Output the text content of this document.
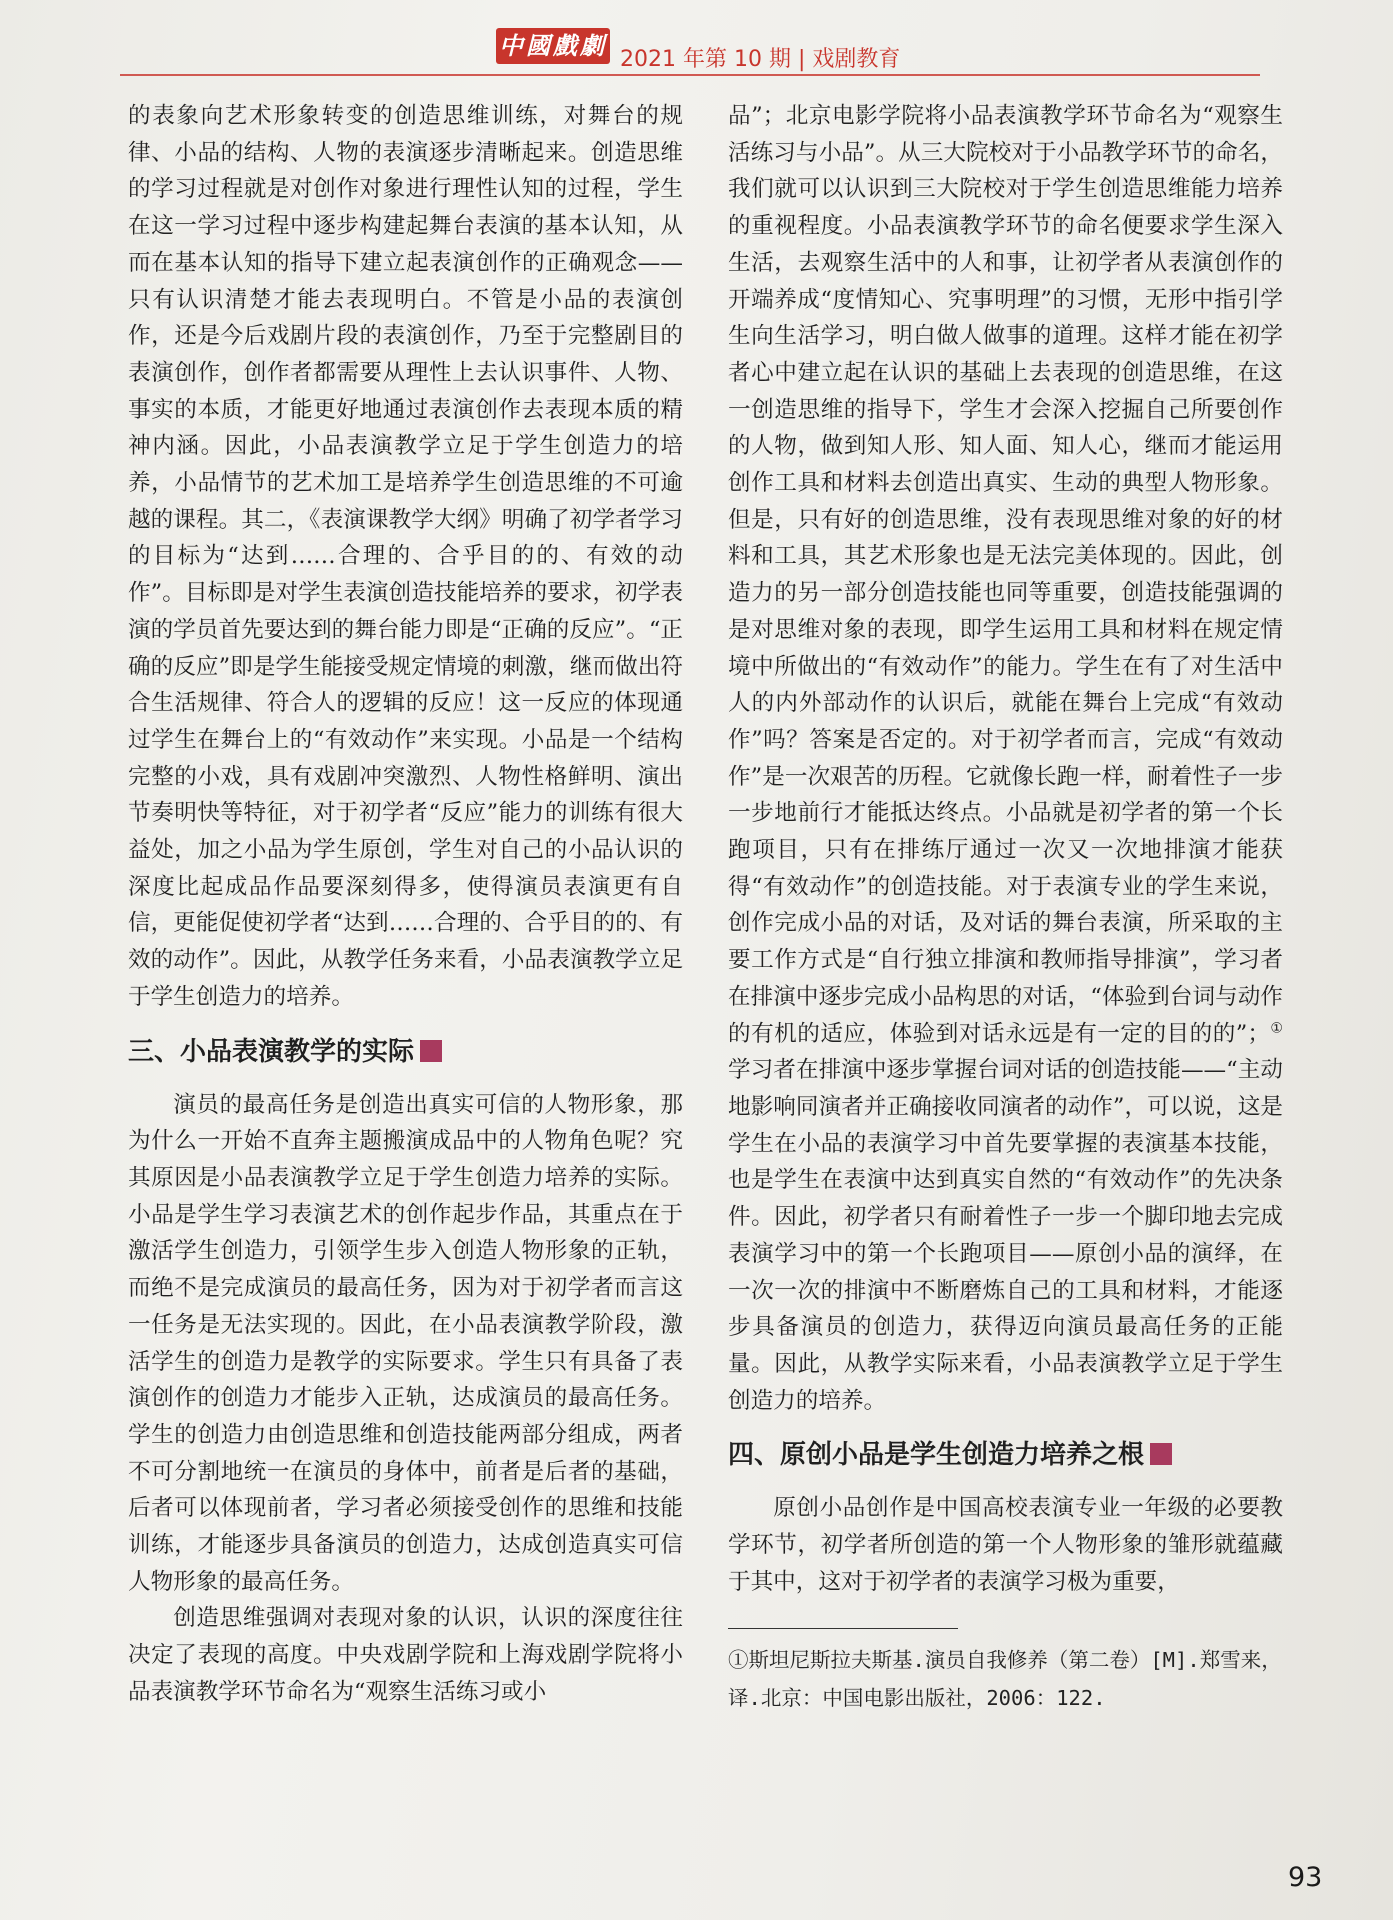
中國戲劇 2021 年第 10 期 | 戏剧教育

的表象向艺术形象转变的创造思维训练，对舞台的规律、小品的结构、人物的表演逐步清晰起来。创造思维的学习过程就是对创作对象进行理性认知的过程，学生在这一学习过程中逐步构建起舞台表演的基本认知，从而在基本认知的指导下建立起表演创作的正确观念——只有认识清楚才能去表现明白。不管是小品的表演创作，还是今后戏剧片段的表演创作，乃至于完整剧目的表演创作，创作者都需要从理性上去认识事件、人物、事实的本质，才能更好地通过表演创作去表现本质的精神内涵。因此，小品表演教学立足于学生创造力的培养，小品情节的艺术加工是培养学生创造思维的不可逾越的课程。其二，《表演课教学大纲》明确了初学者学习的目标为“达到……合理的、合乎目的的、有效的动作”。目标即是对学生表演创造技能培养的要求，初学表演的学员首先要达到的舞台能力即是“正确的反应”。“正确的反应”即是学生能接受规定情境的刺激，继而做出符合生活规律、符合人的逻辑的反应！这一反应的体现通过学生在舞台上的“有效动作”来实现。小品是一个结构完整的小戏，具有戏剧冲突激烈、人物性格鲜明、演出节奏明快等特征，对于初学者“反应”能力的训练有很大益处，加之小品为学生原创，学生对自己的小品认识的深度比起成品作品要深刻得多，使得演员表演更有自信，更能促使初学者“达到……合理的、合乎目的的、有效的动作”。因此，从教学任务来看，小品表演教学立足于学生创造力的培养。

三、小品表演教学的实际

演员的最高任务是创造出真实可信的人物形象，那为什么一开始不直奔主题搬演成品中的人物角色呢？究其原因是小品表演教学立足于学生创造力培养的实际。小品是学生学习表演艺术的创作起步作品，其重点在于激活学生创造力，引领学生步入创造人物形象的正轨，而绝不是完成演员的最高任务，因为对于初学者而言这一任务是无法实现的。因此，在小品表演教学阶段，激活学生的创造力是教学的实际要求。学生只有具备了表演创作的创造力才能步入正轨，达成演员的最高任务。学生的创造力由创造思维和创造技能两部分组成，两者不可分割地统一在演员的身体中，前者是后者的基础，后者可以体现前者，学习者必须接受创作的思维和技能训练，才能逐步具备演员的创造力，达成创造真实可信人物形象的最高任务。

创造思维强调对表现对象的认识，认识的深度往往决定了表现的高度。中央戏剧学院和上海戏剧学院将小品表演教学环节命名为“观察生活练习或小

品”；北京电影学院将小品表演教学环节命名为“观察生活练习与小品”。从三大院校对于小品教学环节的命名，我们就可以认识到三大院校对于学生创造思维能力培养的重视程度。小品表演教学环节的命名便要求学生深入生活，去观察生活中的人和事，让初学者从表演创作的开端养成“度情知心、究事明理”的习惯，无形中指引学生向生活学习，明白做人做事的道理。这样才能在初学者心中建立起在认识的基础上去表现的创造思维，在这一创造思维的指导下，学生才会深入挖掘自己所要创作的人物，做到知人形、知人面、知人心，继而才能运用创作工具和材料去创造出真实、生动的典型人物形象。但是，只有好的创造思维，没有表现思维对象的好的材料和工具，其艺术形象也是无法完美体现的。因此，创造力的另一部分创造技能也同等重要，创造技能强调的是对思维对象的表现，即学生运用工具和材料在规定情境中所做出的“有效动作”的能力。学生在有了对生活中人的内外部动作的认识后，就能在舞台上完成“有效动作”吗？答案是否定的。对于初学者而言，完成“有效动作”是一次艰苦的历程。它就像长跑一样，耐着性子一步一步地前行才能抵达终点。小品就是初学者的第一个长跑项目，只有在排练厅通过一次又一次地排演才能获得“有效动作”的创造技能。对于表演专业的学生来说，创作完成小品的对话，及对话的舞台表演，所采取的主要工作方式是“自行独立排演和教师指导排演”，学习者在排演中逐步完成小品构思的对话，“体验到台词与动作的有机的适应，体验到对话永远是有一定的目的的”；①学习者在排演中逐步掌握台词对话的创造技能——“主动地影响同演者并正确接收同演者的动作”，可以说，这是学生在小品的表演学习中首先要掌握的表演基本技能，也是学生在表演中达到真实自然的“有效动作”的先决条件。因此，初学者只有耐着性子一步一个脚印地去完成表演学习中的第一个长跑项目——原创小品的演绎，在一次一次的排演中不断磨炼自己的工具和材料，才能逐步具备演员的创造力，获得迈向演员最高任务的正能量。因此，从教学实际来看，小品表演教学立足于学生创造力的培养。

四、原创小品是学生创造力培养之根

原创小品创作是中国高校表演专业一年级的必要教学环节，初学者所创造的第一个人物形象的雏形就蕴藏于其中，这对于初学者的表演学习极为重要，

①斯坦尼斯拉夫斯基.演员自我修养（第二卷）[M].郑雪来，译.北京：中国电影出版社，2006：122.

93
